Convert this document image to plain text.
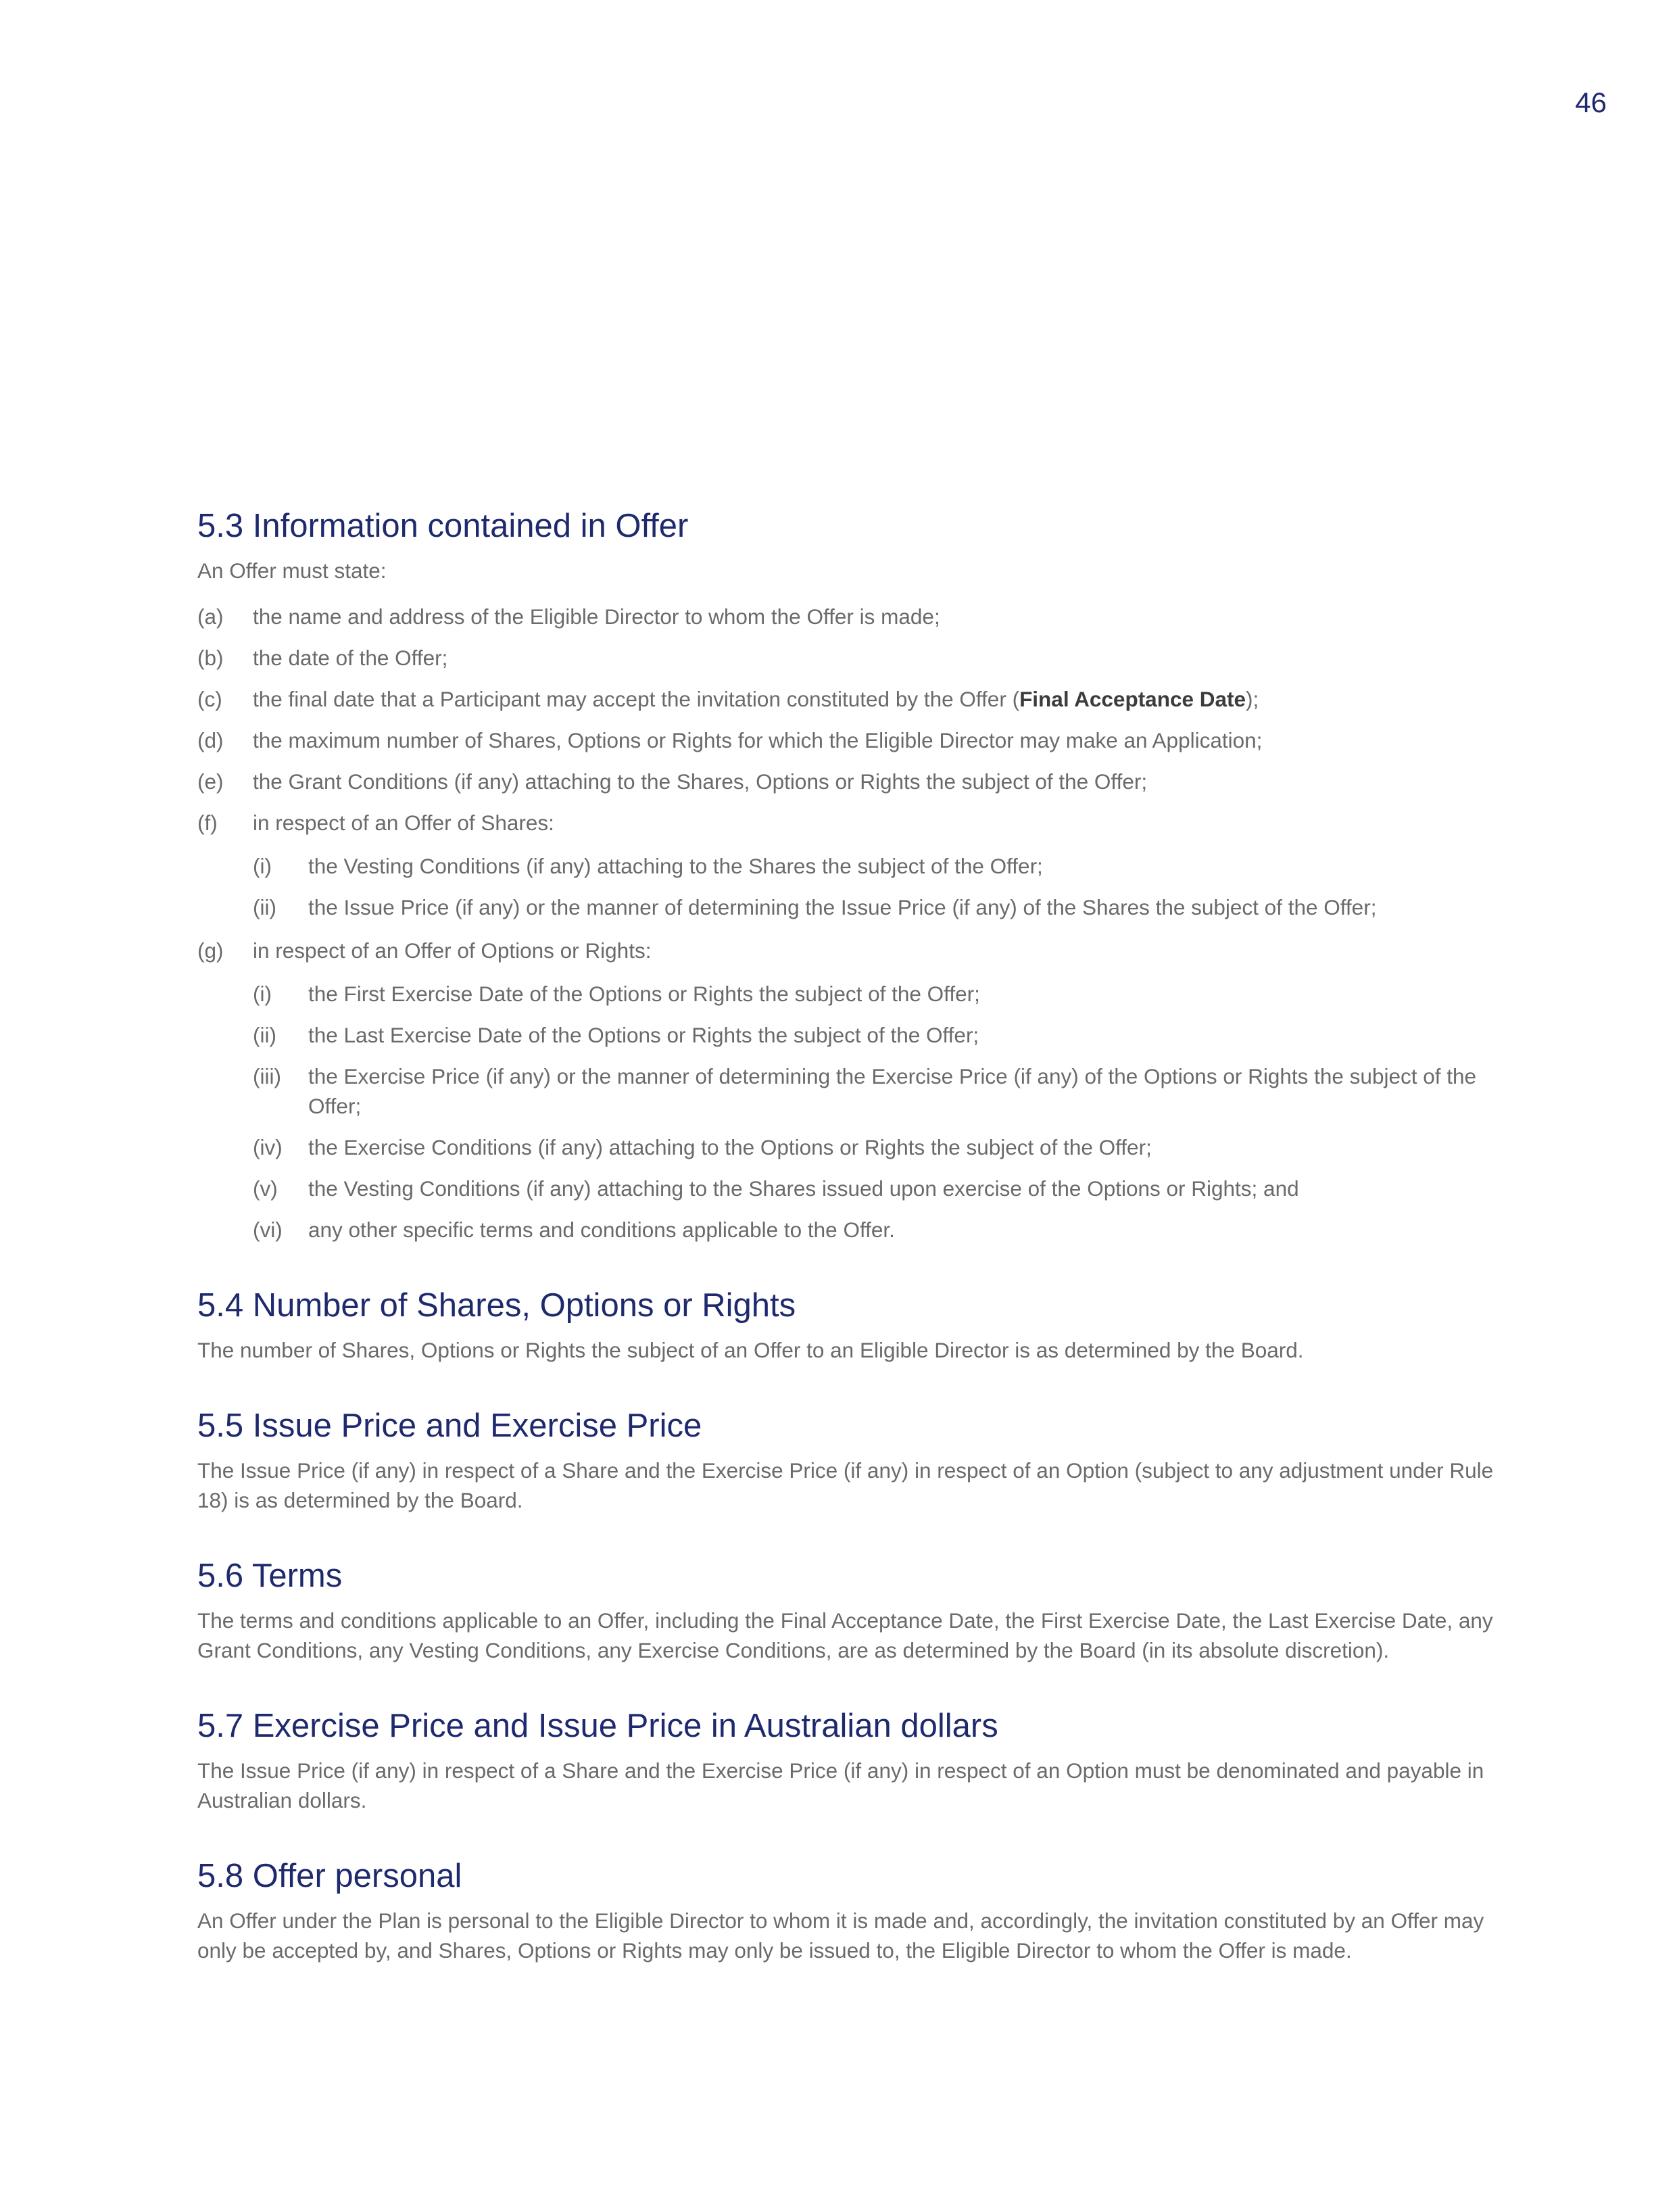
46
5.3 Information contained in Offer

An Offer must state:

(a) the name and address of the Eligible Director to whom the Offer is made;
(b) the date of the Offer;
(c) the final date that a Participant may accept the invitation constituted by the Offer (Final Acceptance Date);
(d) the maximum number of Shares, Options or Rights for which the Eligible Director may make an Application;
(e) the Grant Conditions (if any) attaching to the Shares, Options or Rights the subject of the Offer;
(f) in respect of an Offer of Shares:
(i) the Vesting Conditions (if any) attaching to the Shares the subject of the Offer;
(ii) the Issue Price (if any) or the manner of determining the Issue Price (if any) of the Shares the subject of the Offer;
(g) in respect of an Offer of Options or Rights:
(i) the First Exercise Date of the Options or Rights the subject of the Offer;
(ii) the Last Exercise Date of the Options or Rights the subject of the Offer;
(iii) the Exercise Price (if any) or the manner of determining the Exercise Price (if any) of the Options or Rights the subject of the Offer;
(iv) the Exercise Conditions (if any) attaching to the Options or Rights the subject of the Offer;
(v) the Vesting Conditions (if any) attaching to the Shares issued upon exercise of the Options or Rights; and
(vi) any other specific terms and conditions applicable to the Offer.
5.4 Number of Shares, Options or Rights

The number of Shares, Options or Rights the subject of an Offer to an Eligible Director is as determined by the Board.

5.5 Issue Price and Exercise Price

The Issue Price (if any) in respect of a Share and the Exercise Price (if any) in respect of an Option (subject to any adjustment under Rule 18) is as determined by the Board.

5.6 Terms

The terms and conditions applicable to an Offer, including the Final Acceptance Date, the First Exercise Date, the Last Exercise Date, any Grant Conditions, any Vesting Conditions, any Exercise Conditions, are as determined by the Board (in its absolute discretion).

5.7 Exercise Price and Issue Price in Australian dollars

The Issue Price (if any) in respect of a Share and the Exercise Price (if any) in respect of an Option must be denominated and payable in Australian dollars.

5.8 Offer personal

An Offer under the Plan is personal to the Eligible Director to whom it is made and, accordingly, the invitation constituted by an Offer may only be accepted by, and Shares, Options or Rights may only be issued to, the Eligible Director to whom the Offer is made.
